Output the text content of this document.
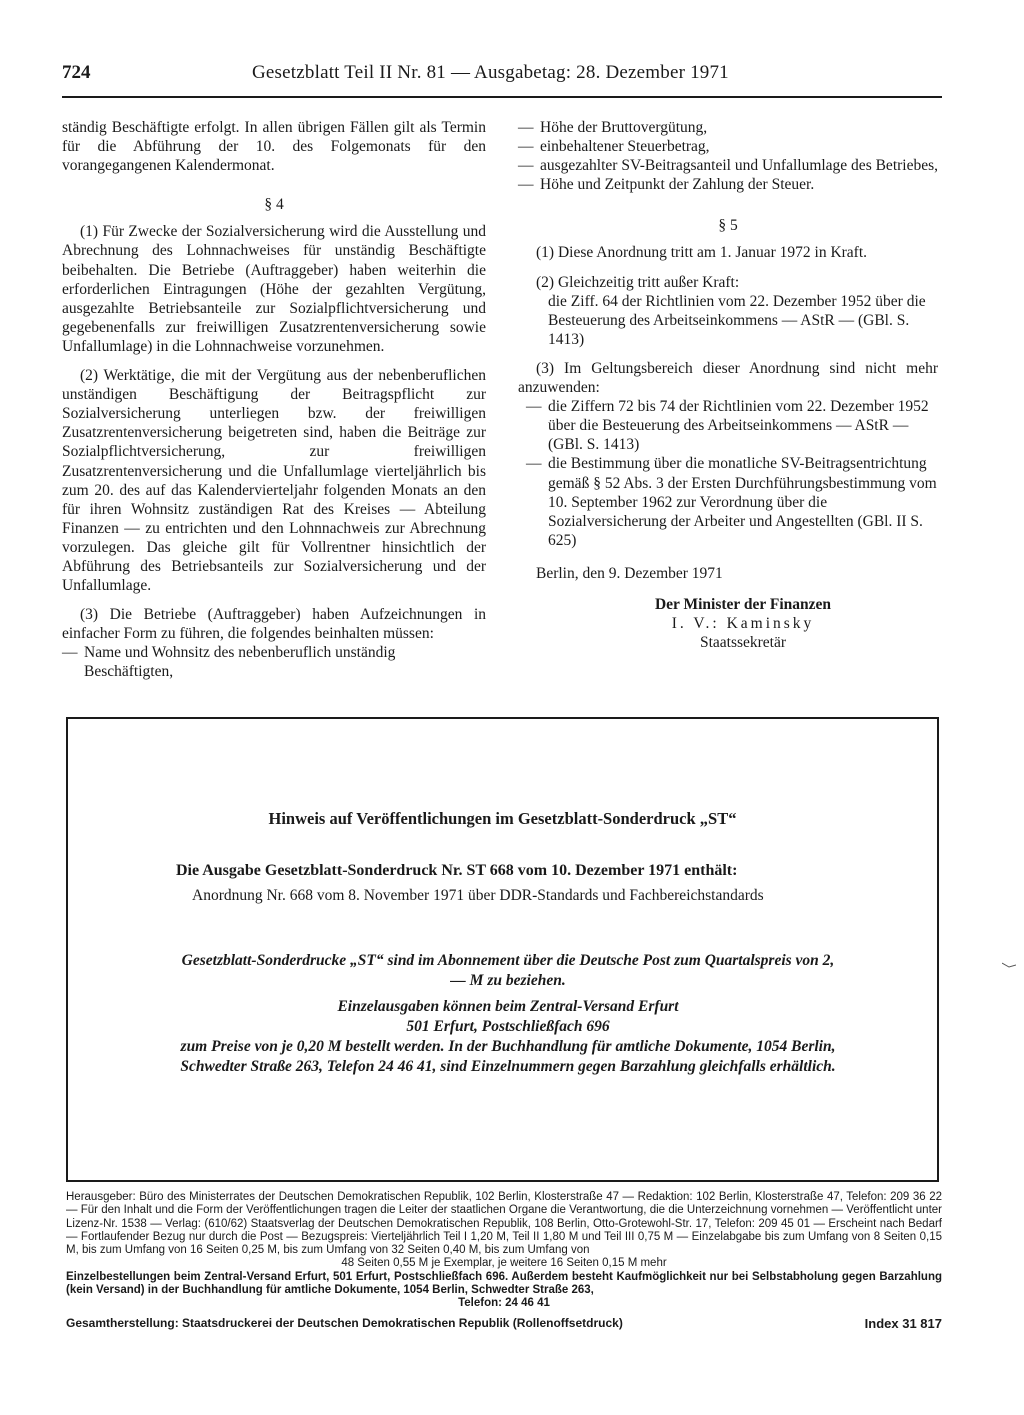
724	Gesetzblatt Teil II Nr. 81 — Ausgabetag: 28. Dezember 1971

ständig Beschäftigte erfolgt. In allen übrigen Fällen gilt als Termin für die Abführung der 10. des Folgemonats für den vorangegangenen Kalendermonat.

§ 4

(1) Für Zwecke der Sozialversicherung wird die Ausstellung und Abrechnung des Lohnnachweises für unständig Beschäftigte beibehalten. Die Betriebe (Auftraggeber) haben weiterhin die erforderlichen Eintragungen (Höhe der gezahlten Vergütung, ausgezahlte Betriebsanteile zur Sozialpflichtversicherung und gegebenenfalls zur freiwilligen Zusatzrentenversicherung sowie Unfallumlage) in die Lohnnachweise vorzunehmen.

(2) Werktätige, die mit der Vergütung aus der nebenberuflichen unständigen Beschäftigung der Beitragspflicht zur Sozialversicherung unterliegen bzw. der freiwilligen Zusatzrentenversicherung beigetreten sind, haben die Beiträge zur Sozialpflichtversicherung, zur freiwilligen Zusatzrentenversicherung und die Unfallumlage vierteljährlich bis zum 20. des auf das Kalendervierteljahr folgenden Monats an den für ihren Wohnsitz zuständigen Rat des Kreises — Abteilung Finanzen — zu entrichten und den Lohnnachweis zur Abrechnung vorzulegen. Das gleiche gilt für Vollrentner hinsichtlich der Abführung des Betriebsanteils zur Sozialversicherung und der Unfallumlage.

(3) Die Betriebe (Auftraggeber) haben Aufzeichnungen in einfacher Form zu führen, die folgendes beinhalten müssen:

— Name und Wohnsitz des nebenberuflich unständig Beschäftigten,
— Höhe der Bruttovergütung,
— einbehaltener Steuerbetrag,
— ausgezahlter SV-Beitragsanteil und Unfallumlage des Betriebes,
— Höhe und Zeitpunkt der Zahlung der Steuer.
§ 5

(1) Diese Anordnung tritt am 1. Januar 1972 in Kraft.

(2) Gleichzeitig tritt außer Kraft:

die Ziff. 64 der Richtlinien vom 22. Dezember 1952 über die Besteuerung des Arbeitseinkommens — AStR — (GBl. S. 1413)

(3) Im Geltungsbereich dieser Anordnung sind nicht mehr anzuwenden:

— die Ziffern 72 bis 74 der Richtlinien vom 22. Dezember 1952 über die Besteuerung des Arbeitseinkommens — AStR — (GBl. S. 1413)
— die Bestimmung über die monatliche SV-Beitragsentrichtung gemäß § 52 Abs. 3 der Ersten Durchführungsbestimmung vom 10. September 1962 zur Verordnung über die Sozialversicherung der Arbeiter und Angestellten (GBl. II S. 625)

Berlin, den 9. Dezember 1971

Der Minister der Finanzen
I. V.: Kaminsky
Staatssekretär
Hinweis auf Veröffentlichungen im Gesetzblatt-Sonderdruck „ST“
Die Ausgabe Gesetzblatt-Sonderdruck Nr. ST 668 vom 10. Dezember 1971 enthält:
Anordnung Nr. 668 vom 8. November 1971 über DDR-Standards und Fachbereichstandards
Gesetzblatt-Sonderdrucke „ST“ sind im Abonnement über die Deutsche Post zum Quartalspreis von 2,— M zu beziehen.
Einzelausgaben können beim Zentral-Versand Erfurt
501 Erfurt, Postschließfach 696
zum Preise von je 0,20 M bestellt werden. In der Buchhandlung für amtliche Dokumente, 1054 Berlin, Schwedter Straße 263, Telefon 24 46 41, sind Einzelnummern gegen Barzahlung gleichfalls erhältlich.

Herausgeber: Büro des Ministerrates der Deutschen Demokratischen Republik, 102 Berlin, Klosterstraße 47 — Redaktion: 102 Berlin, Klosterstraße 47, Telefon: 209 36 22 — Für den Inhalt und die Form der Veröffentlichungen tragen die Leiter der staatlichen Organe die Verantwortung, die die Unterzeichnung vornehmen — Veröffentlicht unter Lizenz-Nr. 1538 — Verlag: (610/62) Staatsverlag der Deutschen Demokratischen Republik, 108 Berlin, Otto-Grotewohl-Str. 17, Telefon: 209 45 01 — Erscheint nach Bedarf — Fortlaufender Bezug nur durch die Post — Bezugspreis: Vierteljährlich Teil I 1,20 M, Teil II 1,80 M und Teil III 0,75 M — Einzelabgabe bis zum Umfang von 8 Seiten 0,15 M, bis zum Umfang von 16 Seiten 0,25 M, bis zum Umfang von 32 Seiten 0,40 M, bis zum Umfang von

48 Seiten 0,55 M je Exemplar, je weitere 16 Seiten 0,15 M mehr

Einzelbestellungen beim Zentral-Versand Erfurt, 501 Erfurt, Postschließfach 696. Außerdem besteht Kaufmöglichkeit nur bei Selbstabholung gegen Barzahlung (kein Versand) in der Buchhandlung für amtliche Dokumente, 1054 Berlin, Schwedter Straße 263,

Telefon: 24 46 41

Gesamtherstellung: Staatsdruckerei der Deutschen Demokratischen Republik (Rollenoffsetdruck)	Index 31 817
